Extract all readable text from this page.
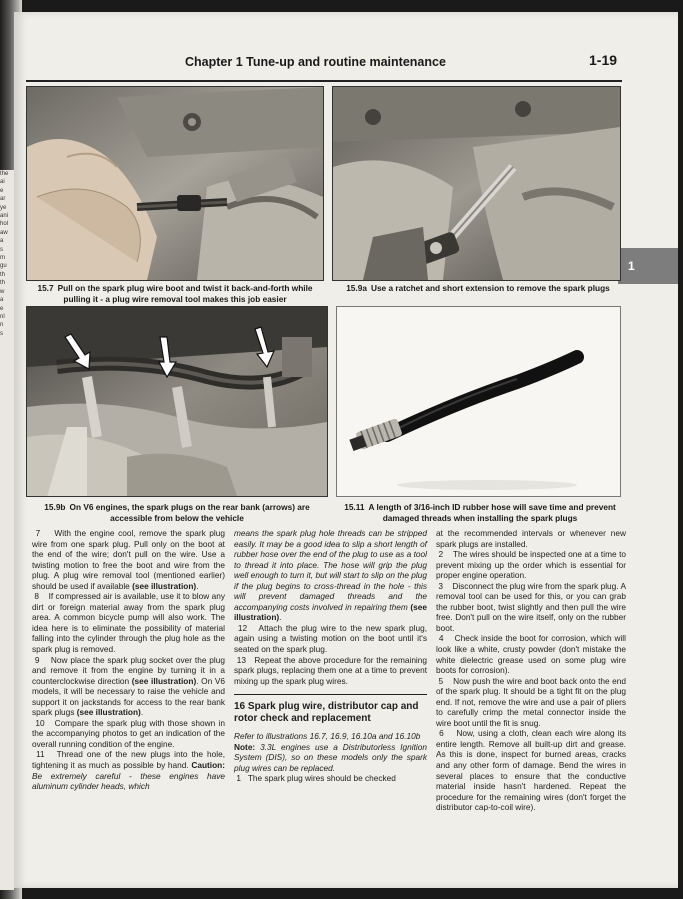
the
ai
e
ar
ye
ani
hol
aw
a
s
m
gu
th
th
w
a
e
nl
n
s
Chapter 1 Tune-up and routine maintenance	1-19
1
15.7 Pull on the spark plug wire boot and twist it back-and-forth while pulling it - a plug wire removal tool makes this job easier
15.9a Use a ratchet and short extension to remove the spark plugs
15.9b On V6 engines, the spark plugs on the rear bank (arrows) are accessible from below the vehicle
15.11 A length of 3/16-inch ID rubber hose will save time and prevent damaged threads when installing the spark plugs

7 With the engine cool, remove the spark plug wire from one spark plug. Pull only on the boot at the end of the wire; don't pull on the wire. Use a twisting motion to free the boot and wire from the plug. A plug wire removal tool (mentioned earlier) should be used if available (see illustration).

8 If compressed air is available, use it to blow any dirt or foreign material away from the spark plug area. A common bicycle pump will also work. The idea here is to eliminate the possibility of material falling into the cylinder through the plug hole as the spark plug is removed.

9 Now place the spark plug socket over the plug and remove it from the engine by turning it in a counterclockwise direction (see illustration). On V6 models, it will be necessary to raise the vehicle and support it on jackstands for access to the rear bank spark plugs (see illustration).

10 Compare the spark plug with those shown in the accompanying photos to get an indication of the overall running condition of the engine.

11 Thread one of the new plugs into the hole, tightening it as much as possible by hand. Caution: Be extremely careful - these engines have aluminum cylinder heads, which

means the spark plug hole threads can be stripped easily. It may be a good idea to slip a short length of rubber hose over the end of the plug to use as a tool to thread it into place. The hose will grip the plug well enough to turn it, but will start to slip on the plug if the plug begins to cross-thread in the hole - this will prevent damaged threads and the accompanying costs involved in repairing them (see illustration).

12 Attach the plug wire to the new spark plug, again using a twisting motion on the boot until it's seated on the spark plug.

13 Repeat the above procedure for the remaining spark plugs, replacing them one at a time to prevent mixing up the spark plug wires.

16 Spark plug wire, distributor cap and rotor check and replacement

Refer to illustrations 16.7, 16.9, 16.10a and 16.10b

Note: 3.3L engines use a Distributorless Ignition System (DIS), so on these models only the spark plug wires can be replaced.

1 The spark plug wires should be checked

at the recommended intervals or whenever new spark plugs are installed.

2 The wires should be inspected one at a time to prevent mixing up the order which is essential for proper engine operation.

3 Disconnect the plug wire from the spark plug. A removal tool can be used for this, or you can grab the rubber boot, twist slightly and then pull the wire free. Don't pull on the wire itself, only on the rubber boot.

4 Check inside the boot for corrosion, which will look like a white, crusty powder (don't mistake the white dielectric grease used on some plug wire boots for corrosion).

5 Now push the wire and boot back onto the end of the spark plug. It should be a tight fit on the plug end. If not, remove the wire and use a pair of pliers to carefully crimp the metal connector inside the wire boot until the fit is snug.

6 Now, using a cloth, clean each wire along its entire length. Remove all built-up dirt and grease. As this is done, inspect for burned areas, cracks and any other form of damage. Bend the wires in several places to ensure that the conductive material inside hasn't hardened. Repeat the procedure for the remaining wires (don't forget the distributor cap-to-coil wire).
